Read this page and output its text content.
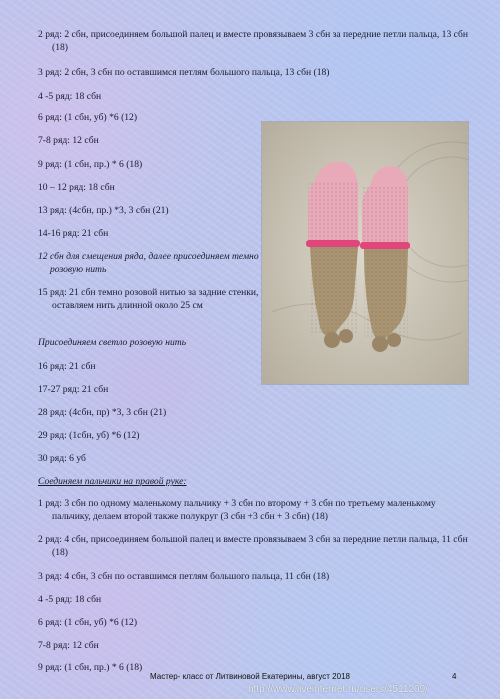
2 ряд: 2 сбн, присоединяем большой палец и вместе провязываем 3 сбн за передние петли пальца, 13 сбн (18)
3 ряд: 2 сбн, 3 сбн по оставшимся петлям большого пальца, 13 сбн (18)
4 -5 ряд: 18 сбн
6 ряд: (1 сбн, уб) *6 (12)
7-8 ряд: 12 сбн
9 ряд: (1 сбн, пр.) * 6 (18)
10 – 12 ряд: 18 сбн
13 ряд: (4сбн, пр.) *3, 3 сбн (21)
14-16 ряд: 21 сбн
12 сбн для смещения ряда, далее присоединяем темно розовую нить
15 ряд: 21 сбн темно розовой нитью за задние стенки, оставляем нить длинной около 25 см
Присоединяем светло розовую нить
16 ряд: 21 сбн
17-27 ряд: 21 сбн
28 ряд: (4сбн, пр) *3, 3 сбн (21)
29 ряд: (1сбн, уб) *6 (12)
30 ряд: 6 уб
Соединяем пальчики на правой руке:
1 ряд: 3 сбн по одному маленькому пальчику + 3 сбн по второму + 3 сбн по третьему маленькому пальчику, делаем второй также полукруг (3 сбн +3 сбн + 3 сбн) (18)
2 ряд: 4 сбн, присоединяем большой палец и вместе провязываем 3 сбн за передние петли пальца, 11 сбн (18)
3 ряд: 4 сбн, 3 сбн по оставшимся петлям большого пальца, 11 сбн (18)
4 -5 ряд: 18 сбн
6 ряд: (1 сбн, уб) *6 (12)
7-8 ряд: 12 сбн
9 ряд: (1 сбн, пр.) * 6 (18)
Мастер- класс от Литвиновой Екатерины, август 2018	4
http://www.liveinternet.ru/users/4511209/
